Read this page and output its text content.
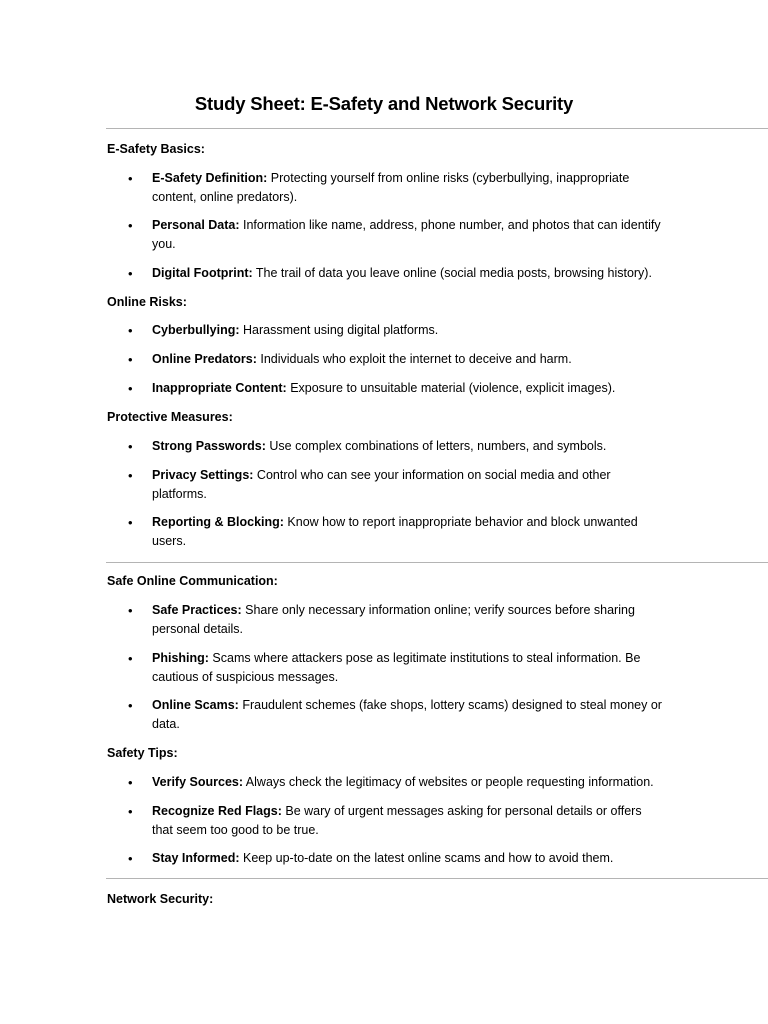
Study Sheet: E-Safety and Network Security
E-Safety Basics:
• E-Safety Definition: Protecting yourself from online risks (cyberbullying, inappropriate content, online predators).
• Personal Data: Information like name, address, phone number, and photos that can identify you.
• Digital Footprint: The trail of data you leave online (social media posts, browsing history).
Online Risks:
• Cyberbullying: Harassment using digital platforms.
• Online Predators: Individuals who exploit the internet to deceive and harm.
• Inappropriate Content: Exposure to unsuitable material (violence, explicit images).
Protective Measures:
• Strong Passwords: Use complex combinations of letters, numbers, and symbols.
• Privacy Settings: Control who can see your information on social media and other platforms.
• Reporting & Blocking: Know how to report inappropriate behavior and block unwanted users.
Safe Online Communication:
• Safe Practices: Share only necessary information online; verify sources before sharing personal details.
• Phishing: Scams where attackers pose as legitimate institutions to steal information. Be cautious of suspicious messages.
• Online Scams: Fraudulent schemes (fake shops, lottery scams) designed to steal money or data.
Safety Tips:
• Verify Sources: Always check the legitimacy of websites or people requesting information.
• Recognize Red Flags: Be wary of urgent messages asking for personal details or offers that seem too good to be true.
• Stay Informed: Keep up-to-date on the latest online scams and how to avoid them.
Network Security:
